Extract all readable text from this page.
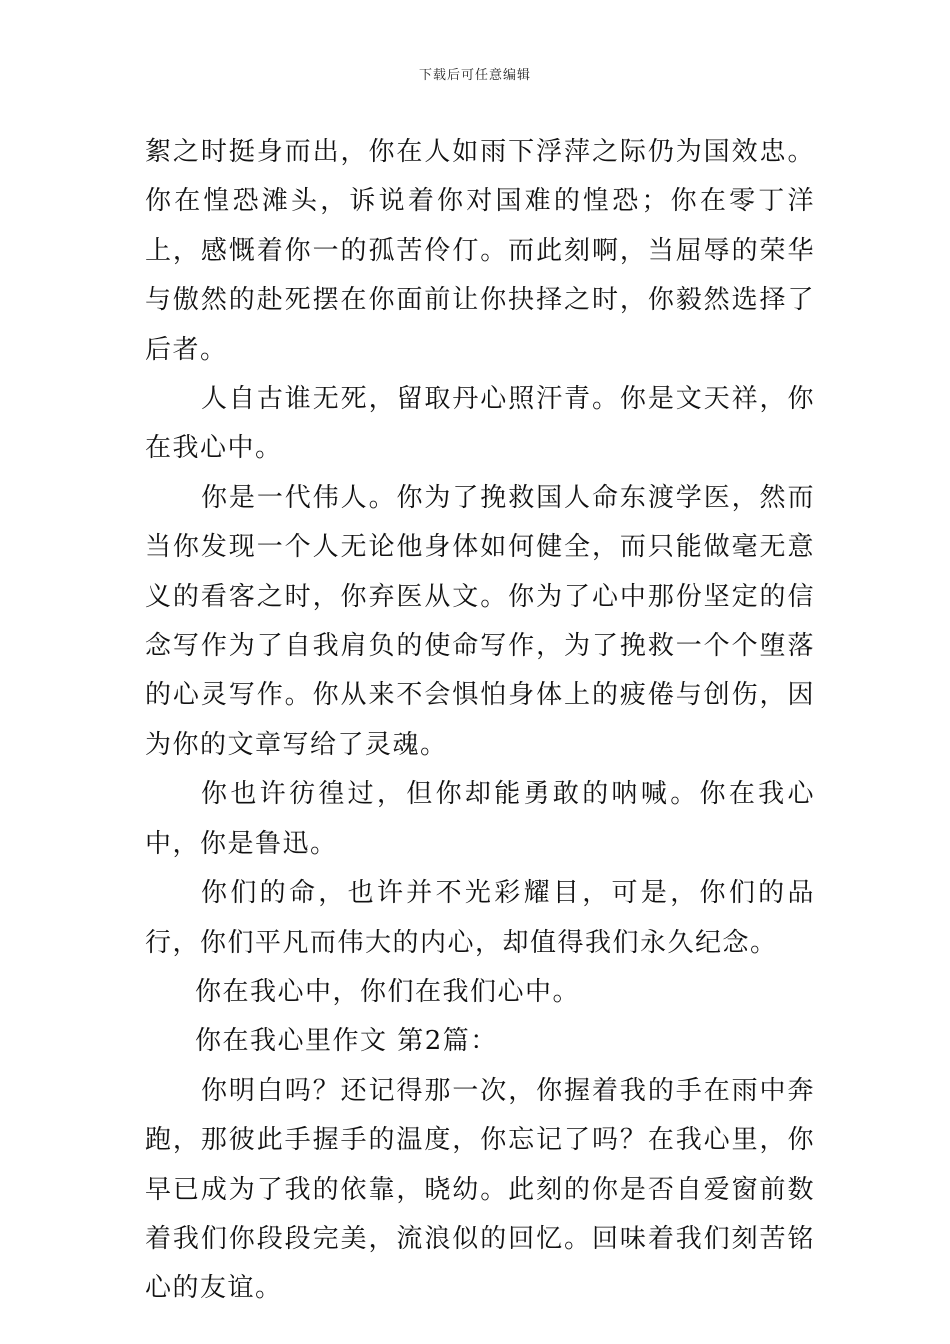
下载后可任意编辑

絮之时挺身而出，你在人如雨下浮萍之际仍为国效忠。你在惶恐滩头，诉说着你对国难的惶恐；你在零丁洋上，感慨着你一的孤苦伶仃。而此刻啊，当屈辱的荣华与傲然的赴死摆在你面前让你抉择之时，你毅然选择了后者。

人自古谁无死，留取丹心照汗青。你是文天祥，你在我心中。

你是一代伟人。你为了挽救国人命东渡学医，然而当你发现一个人无论他身体如何健全，而只能做毫无意义的看客之时，你弃医从文。你为了心中那份坚定的信念写作为了自我肩负的使命写作，为了挽救一个个堕落的心灵写作。你从来不会惧怕身体上的疲倦与创伤，因为你的文章写给了灵魂。

你也许彷徨过，但你却能勇敢的呐喊。你在我心中，你是鲁迅。

你们的命，也许并不光彩耀目，可是，你们的品行，你们平凡而伟大的内心，却值得我们永久纪念。

你在我心中，你们在我们心中。

你在我心里作文 第2篇：

你明白吗？还记得那一次，你握着我的手在雨中奔跑，那彼此手握手的温度，你忘记了吗？在我心里，你早已成为了我的依靠，晓幼。此刻的你是否自爱窗前数着我们你段段完美，流浪似的回忆。回味着我们刻苦铭心的友谊。
